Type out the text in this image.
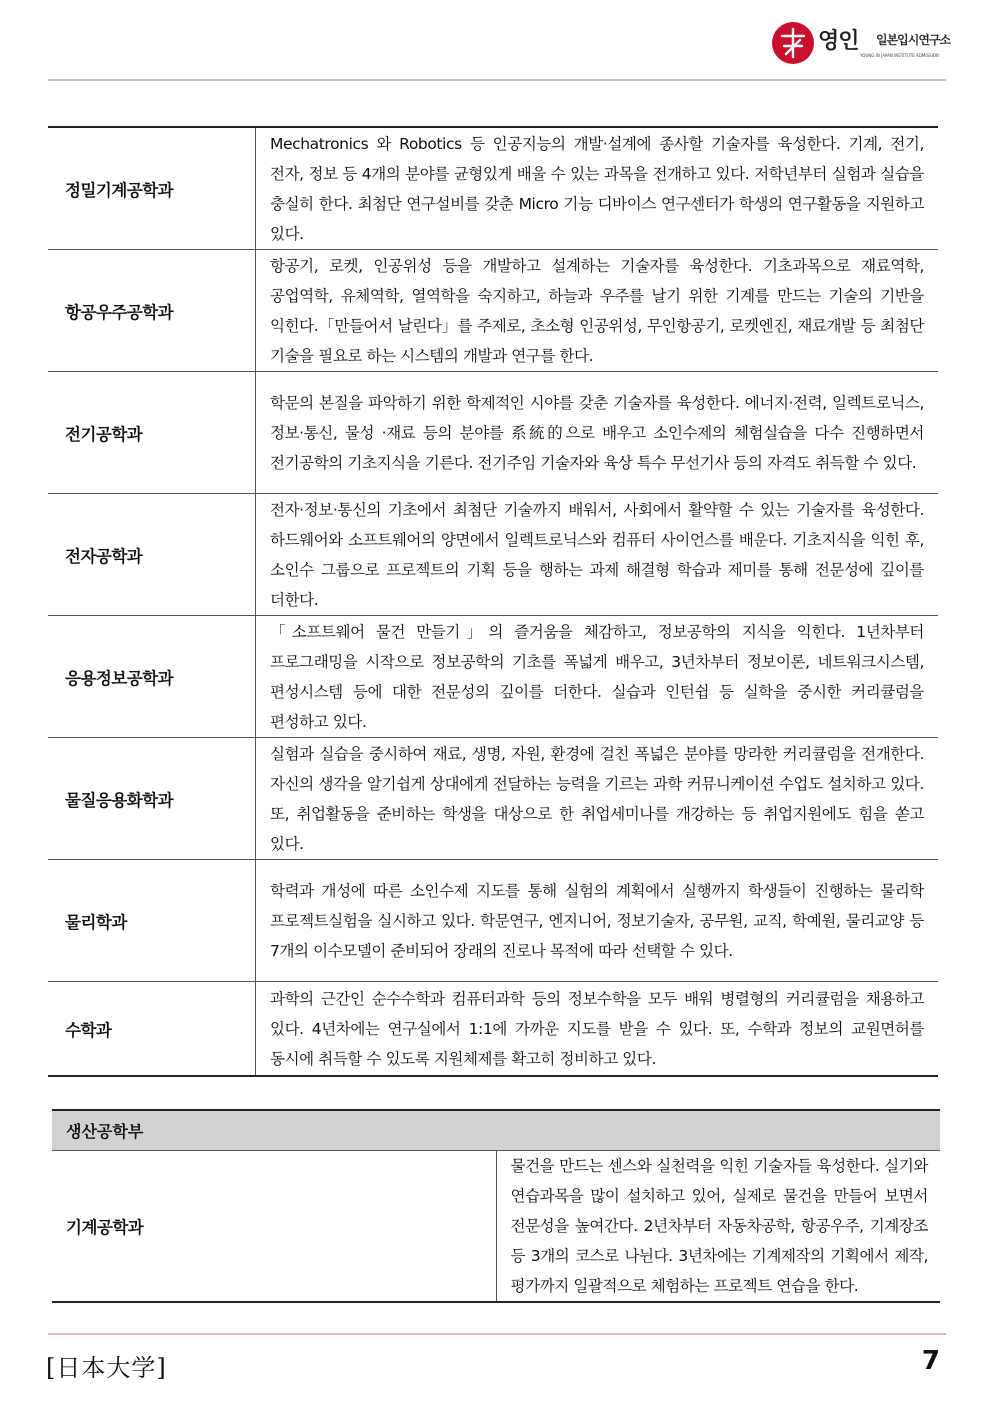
영인 일본입시연구소
YOUNG IN JAPAN INSTITUTE ADMISSION
정밀기계공학과	Mechatronics 와 Robotics 등 인공지능의 개발·설계에 종사할 기술자를 육성한다. 기계, 전기, 전자, 정보 등 4개의 분야를 균형있게 배울 수 있는 과목을 전개하고 있다. 저학년부터 실험과 실습을 충실히 한다. 최첨단 연구설비를 갖춘 Micro 기능 디바이스 연구센터가 학생의 연구활동을 지원하고 있다.
항공우주공학과	항공기, 로켓, 인공위성 등을 개발하고 설계하는 기술자를 육성한다. 기초과목으로 재료역학, 공업역학, 유체역학, 열역학을 숙지하고, 하늘과 우주를 날기 위한 기계를 만드는 기술의 기반을 익힌다.「만들어서 날린다」를 주제로, 초소형 인공위성, 무인항공기, 로켓엔진, 재료개발 등 최첨단 기술을 필요로 하는 시스템의 개발과 연구를 한다.
전기공학과	학문의 본질을 파악하기 위한 학제적인 시야를 갖춘 기술자를 육성한다. 에너지·전력, 일렉트로닉스, 정보·통신, 물성 ·재료 등의 분야를 系統的으로 배우고 소인수제의 체험실습을 다수 진행하면서 전기공학의 기초지식을 기른다. 전기주임 기술자와 육상 특수 무선기사 등의 자격도 취득할 수 있다.
전자공학과	전자·정보·통신의 기초에서 최첨단 기술까지 배워서, 사회에서 활약할 수 있는 기술자를 육성한다. 하드웨어와 소프트웨어의 양면에서 일렉트로닉스와 컴퓨터 사이언스를 배운다. 기초지식을 익힌 후, 소인수 그룹으로 프로젝트의 기획 등을 행하는 과제 해결형 학습과 제미를 통해 전문성에 깊이를 더한다.
응용정보공학과	「소프트웨어 물건 만들기」의 즐거움을 체감하고, 정보공학의 지식을 익힌다. 1년차부터 프로그래밍을 시작으로 정보공학의 기초를 폭넓게 배우고, 3년차부터 정보이론, 네트워크시스템, 편성시스템 등에 대한 전문성의 깊이를 더한다. 실습과 인턴쉽 등 실학을 중시한 커리큘럼을 편성하고 있다.
물질응용화학과	실험과 실습을 중시하여 재료, 생명, 자원, 환경에 걸친 폭넓은 분야를 망라한 커리큘럼을 전개한다. 자신의 생각을 알기쉽게 상대에게 전달하는 능력을 기르는 과학 커뮤니케이션 수업도 설치하고 있다. 또, 취업활동을 준비하는 학생을 대상으로 한 취업세미나를 개강하는 등 취업지원에도 힘을 쏟고 있다.
물리학과	학력과 개성에 따른 소인수제 지도를 통해 실험의 계획에서 실행까지 학생들이 진행하는 물리학 프로젝트실험을 실시하고 있다. 학문연구, 엔지니어, 정보기술자, 공무원, 교직, 학예원, 물리교양 등 7개의 이수모델이 준비되어 장래의 진로나 목적에 따라 선택할 수 있다.
수학과	과학의 근간인 순수수학과 컴퓨터과학 등의 정보수학을 모두 배워 병렬형의 커리큘럼을 채용하고 있다. 4년차에는 연구실에서 1:1에 가까운 지도를 받을 수 있다. 또, 수학과 정보의 교원면허를 동시에 취득할 수 있도록 지원체제를 확고히 정비하고 있다.
생산공학부
기계공학과	물건을 만드는 센스와 실천력을 익힌 기술자들 육성한다. 실기와 연습과목을 많이 설치하고 있어, 실제로 물건을 만들어 보면서 전문성을 높여간다. 2년차부터 자동차공학, 항공우주, 기계장조 등 3개의 코스로 나뉜다. 3년차에는 기계제작의 기획에서 제작, 평가까지 일괄적으로 체험하는 프로젝트 연습을 한다.
[日本大学]	7
